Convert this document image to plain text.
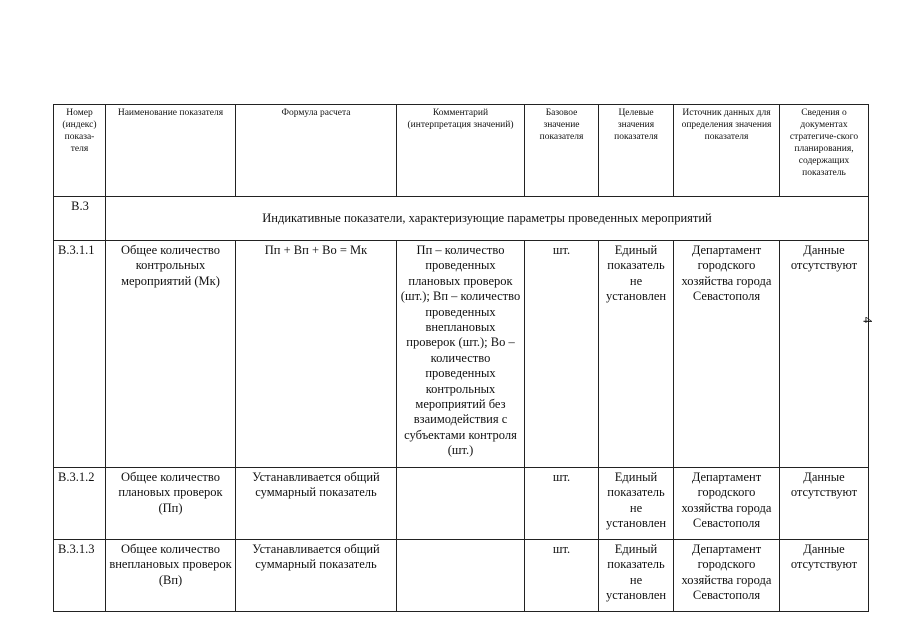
Номер (индекс) показа-теля	Наименование показателя	Формула расчета	Комментарий (интерпретация значений)	Базовое значение показателя	Целевые значения показателя	Источник данных для определения значения показателя	Сведения о документах стратегиче-ского планирования, содержащих показатель
В.3	Индикативные показатели, характеризующие параметры проведенных мероприятий						
В.3.1.1	Общее количество контрольных мероприятий (Мк)	Пп + Вп + Во = Мк	Пп – количество проведенных плановых проверок (шт.); Вп – количество проведенных внеплановых проверок (шт.); Во – количество проведенных контрольных мероприятий без взаимодействия с субъектами контроля (шт.)	шт.	Единый показатель не установлен	Департамент городского хозяйства города Севастополя	Данные отсутствуют
В.3.1.2	Общее количество плановых проверок (Пп)	Устанавливается общий суммарный показатель		шт.	Единый показатель не установлен	Департамент городского хозяйства города Севастополя	Данные отсутствуют
В.3.1.3	Общее количество внеплановых проверок (Вп)	Устанавливается общий суммарный показатель		шт.	Единый показатель не установлен	Департамент городского хозяйства города Севастополя	Данные отсутствуют
4
